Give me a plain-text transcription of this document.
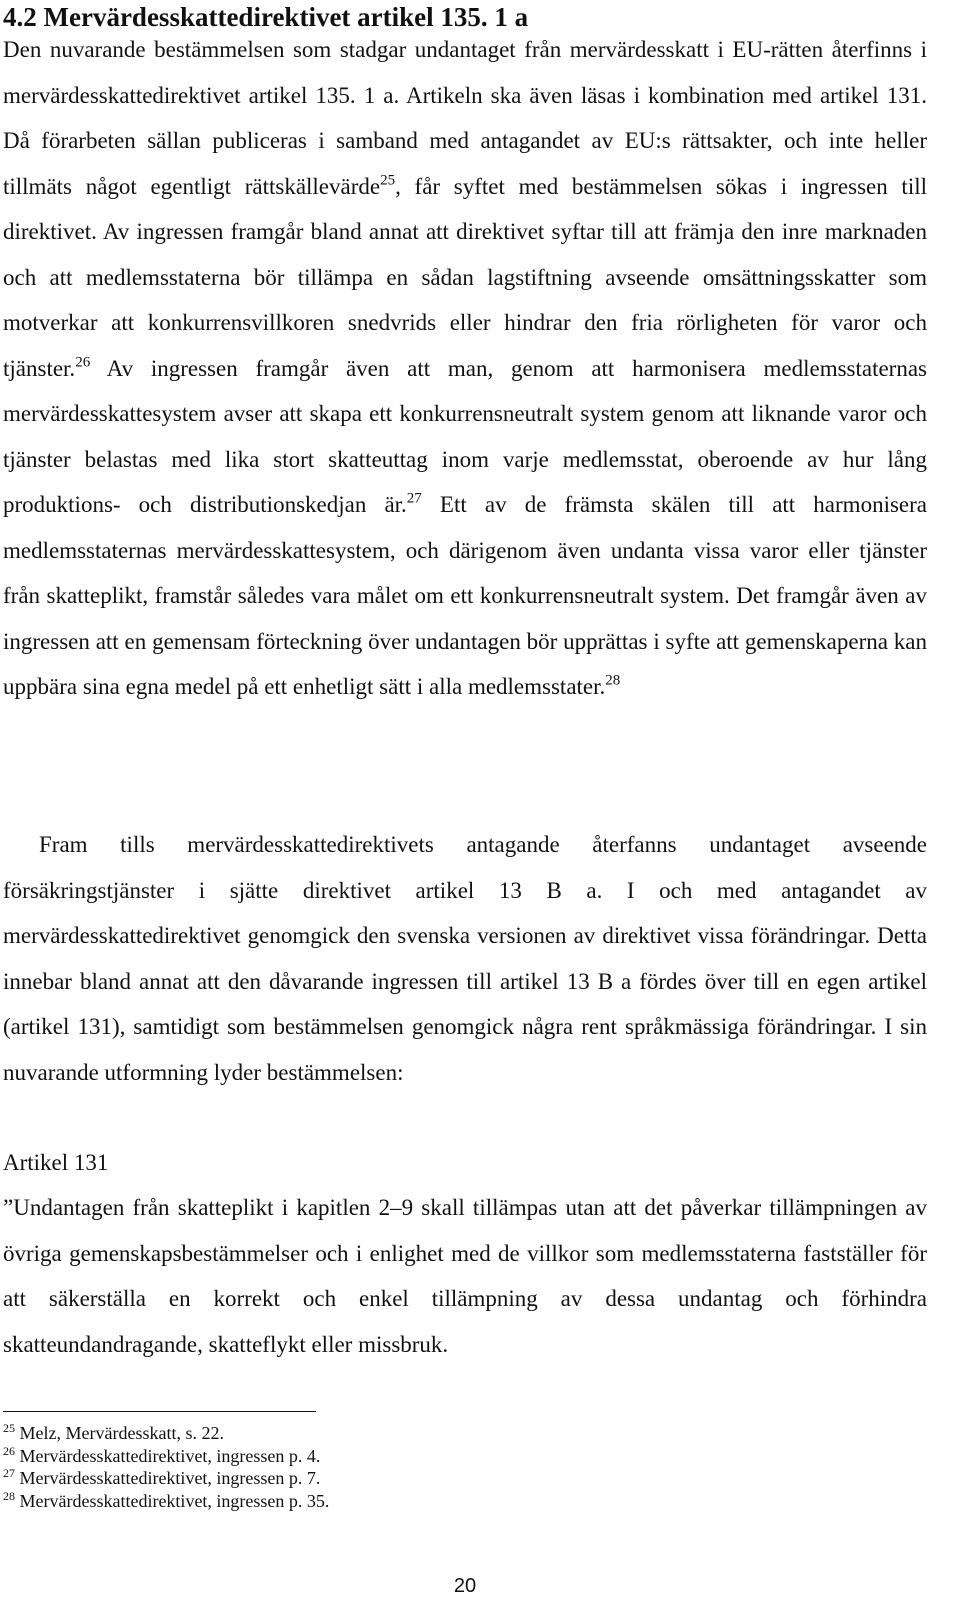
4.2 Mervärdesskattedirektivet artikel 135. 1 a
Den nuvarande bestämmelsen som stadgar undantaget från mervärdesskatt i EU-rätten återfinns i mervärdesskattedirektivet artikel 135. 1 a. Artikeln ska även läsas i kombination med artikel 131. Då förarbeten sällan publiceras i samband med antagandet av EU:s rättsakter, och inte heller tillmäts något egentligt rättskällevärde$^{25}$, får syftet med bestämmelsen sökas i ingressen till direktivet. Av ingressen framgår bland annat att direktivet syftar till att främja den inre marknaden och att medlemsstaterna bör tillämpa en sådan lagstiftning avseende omsättningsskatter som motverkar att konkurrensvillkoren snedvrids eller hindrar den fria rörligheten för varor och tjänster.$^{26}$ Av ingressen framgår även att man, genom att harmonisera medlemsstaternas mervärdesskattesystem avser att skapa ett konkurrensneutralt system genom att liknande varor och tjänster belastas med lika stort skatteuttag inom varje medlemsstat, oberoende av hur lång produktions- och distributionskedjan är.$^{27}$ Ett av de främsta skälen till att harmonisera medlemsstaternas mervärdesskattesystem, och därigenom även undanta vissa varor eller tjänster från skatteplikt, framstår således vara målet om ett konkurrensneutralt system. Det framgår även av ingressen att en gemensam förteckning över undantagen bör upprättas i syfte att gemenskaperna kan uppbära sina egna medel på ett enhetligt sätt i alla medlemsstater.$^{28}$
Fram tills mervärdesskattedirektivets antagande återfanns undantaget avseende försäkringstjänster i sjätte direktivet artikel 13 B a. I och med antagandet av mervärdesskattedirektivet genomgick den svenska versionen av direktivet vissa förändringar. Detta innebar bland annat att den dåvarande ingressen till artikel 13 B a fördes över till en egen artikel (artikel 131), samtidigt som bestämmelsen genomgick några rent språkmässiga förändringar. I sin nuvarande utformning lyder bestämmelsen:
Artikel 131
”Undantagen från skatteplikt i kapitlen 2–9 skall tillämpas utan att det påverkar tillämpningen av övriga gemenskapsbestämmelser och i enlighet med de villkor som medlemsstaterna fastställer för att säkerställa en korrekt och enkel tillämpning av dessa undantag och förhindra skatteundandragande, skatteflykt eller missbruk.
$^{25}$ Melz, Mervärdesskatt, s. 22.
$^{26}$ Mervärdesskattedirektivet, ingressen p. 4.
$^{27}$ Mervärdesskattedirektivet, ingressen p. 7.
$^{28}$ Mervärdesskattedirektivet, ingressen p. 35.
20
